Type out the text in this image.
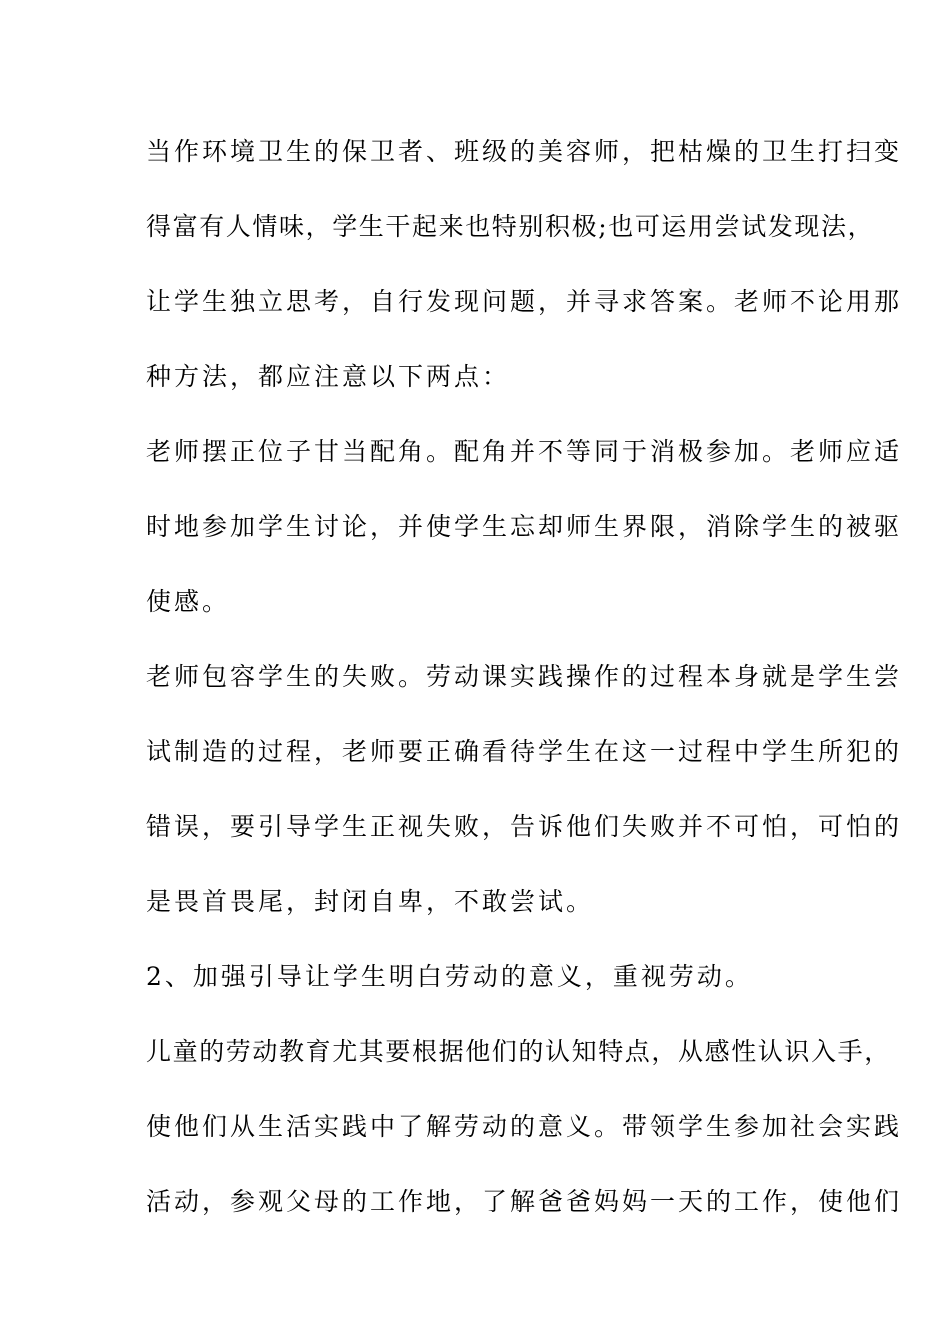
当作环境卫生的保卫者、班级的美容师，把枯燥的卫生打扫变
得富有人情味，学生干起来也特别积极;也可运用尝试发现法，
让学生独立思考，自行发现问题，并寻求答案。老师不论用那
种方法，都应注意以下两点：
老师摆正位子甘当配角。配角并不等同于消极参加。老师应适
时地参加学生讨论，并使学生忘却师生界限，消除学生的被驱
使感。
老师包容学生的失败。劳动课实践操作的过程本身就是学生尝
试制造的过程，老师要正确看待学生在这一过程中学生所犯的
错误，要引导学生正视失败，告诉他们失败并不可怕，可怕的
是畏首畏尾，封闭自卑，不敢尝试。
2、加强引导让学生明白劳动的意义，重视劳动。
儿童的劳动教育尤其要根据他们的认知特点，从感性认识入手，
使他们从生活实践中了解劳动的意义。带领学生参加社会实践
活动，参观父母的工作地，了解爸爸妈妈一天的工作，使他们
